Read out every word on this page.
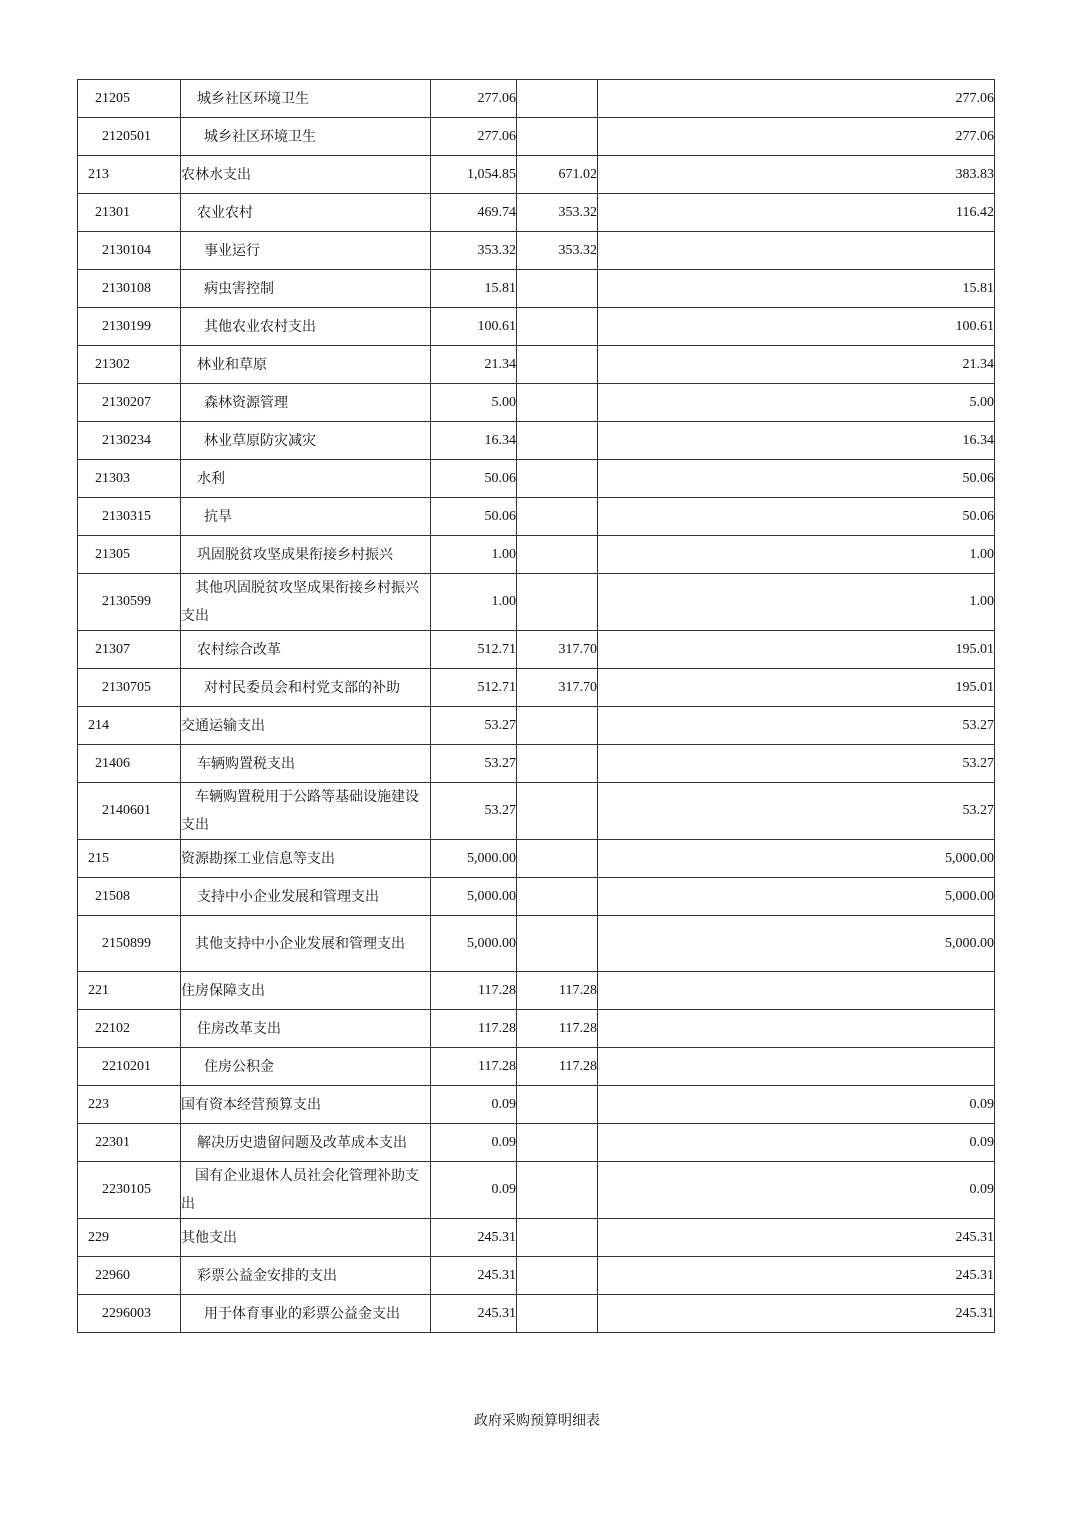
21205	城乡社区环境卫生	277.06		277.06
2120501	城乡社区环境卫生	277.06		277.06
213	农林水支出	1,054.85	671.02	383.83
21301	农业农村	469.74	353.32	116.42
2130104	事业运行	353.32	353.32	
2130108	病虫害控制	15.81		15.81
2130199	其他农业农村支出	100.61		100.61
21302	林业和草原	21.34		21.34
2130207	森林资源管理	5.00		5.00
2130234	林业草原防灾减灾	16.34		16.34
21303	水利	50.06		50.06
2130315	抗旱	50.06		50.06
21305	巩固脱贫攻坚成果衔接乡村振兴	1.00		1.00
2130599	其他巩固脱贫攻坚成果衔接乡村振兴支出	1.00		1.00
21307	农村综合改革	512.71	317.70	195.01
2130705	对村民委员会和村党支部的补助	512.71	317.70	195.01
214	交通运输支出	53.27		53.27
21406	车辆购置税支出	53.27		53.27
2140601	车辆购置税用于公路等基础设施建设支出	53.27		53.27
215	资源勘探工业信息等支出	5,000.00		5,000.00
21508	支持中小企业发展和管理支出	5,000.00		5,000.00
2150899	其他支持中小企业发展和管理支出	5,000.00		5,000.00
221	住房保障支出	117.28	117.28	
22102	住房改革支出	117.28	117.28	
2210201	住房公积金	117.28	117.28	
223	国有资本经营预算支出	0.09		0.09
22301	解决历史遗留问题及改革成本支出	0.09		0.09
2230105	国有企业退休人员社会化管理补助支出	0.09		0.09
229	其他支出	245.31		245.31
22960	彩票公益金安排的支出	245.31		245.31
2296003	用于体育事业的彩票公益金支出	245.31		245.31
政府采购预算明细表
